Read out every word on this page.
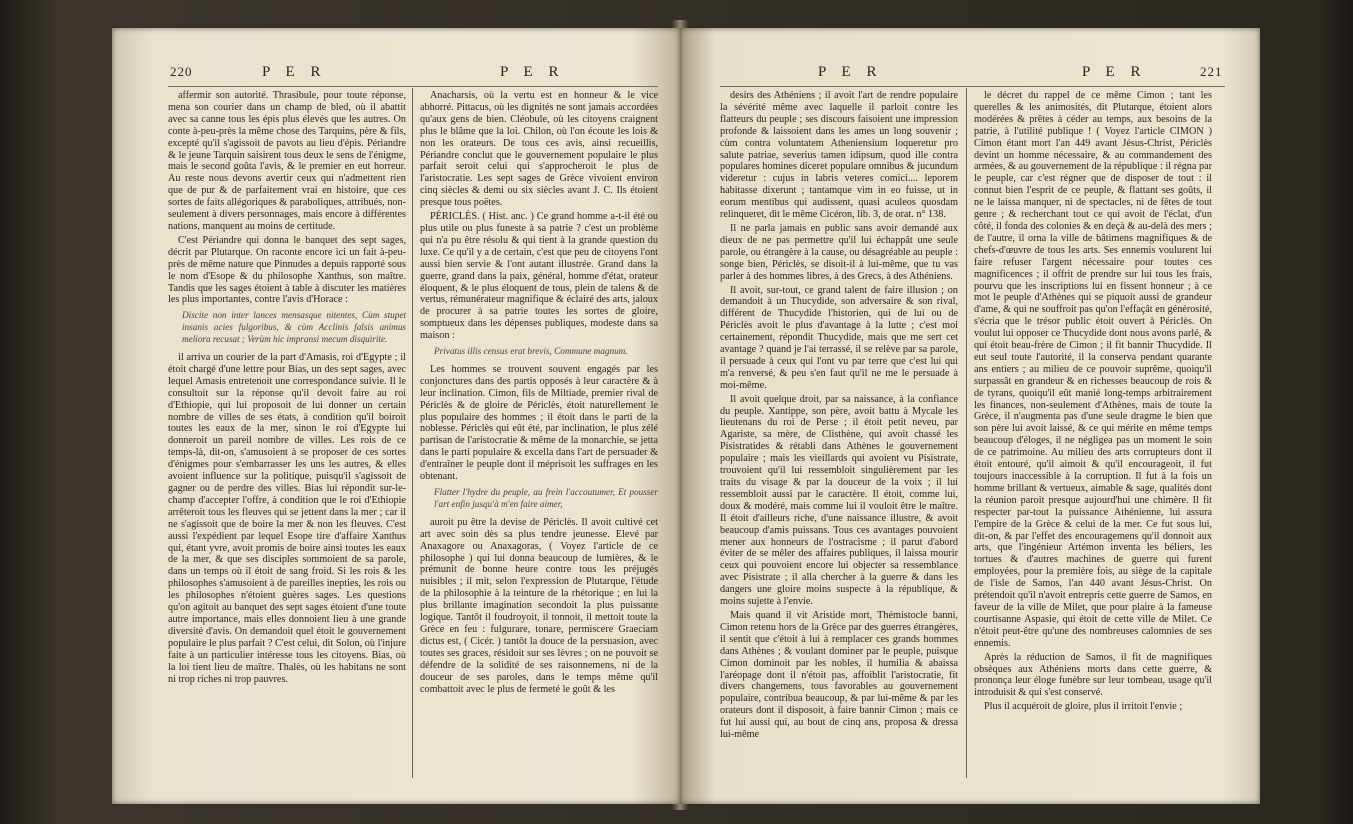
220	P E R	P E R

affermir son autorité. Thrasibule, pour toute réponse, mena son courier dans un champ de bled, où il abattit avec sa canne tous les épis plus élevés que les autres. On conte à-peu-près la même chose des Tarquins, père & fils, excepté qu'il s'agissoit de pavots au lieu d'épis. Périandre & le jeune Tarquin saisirent tous deux le sens de l'énigme, mais le second goûta l'avis, & le premier en eut horreur. Au reste nous devons avertir ceux qui n'admettent rien que de pur & de parfaitement vrai en histoire, que ces sortes de faits allégoriques & paraboliques, attribués, non-seulement à divers personnages, mais encore à différentes nations, manquent au moins de certitude.

C'est Périandre qui donna le banquet des sept sages, décrit par Plutarque. On raconte encore ici un fait à-peu-près de même nature que Pinnudes a depuis rapporté sous le nom d'Esope & du philosophe Xanthus, son maître. Tandis que les sages étoient à table à discuter les matières les plus importantes, contre l'avis d'Horace :

Discite non inter lances mensasque nitentes, Cùm stupet insanis acies fulgoribus, & cùm Acclinis falsis animus meliora recusat ; Verùm hic impransi mecum disquirite.

il arriva un courier de la part d'Amasis, roi d'Egypte ; il étoit chargé d'une lettre pour Bias, un des sept sages, avec lequel Amasis entretenoit une correspondance suivie. Il le consultoit sur la réponse qu'il devoit faire au roi d'Ethiopie, qui lui proposoit de lui donner un certain nombre de villes de ses états, à condition qu'il boiroit toutes les eaux de la mer, sinon le roi d'Egypte lui donneroit un pareil nombre de villes. Les rois de ce temps-là, dit-on, s'amusoient à se proposer de ces sortes d'énigmes pour s'embarrasser les uns les autres, & elles avoient influence sur la politique, puisqu'il s'agissoit de gagner ou de perdre des villes. Bias lui répondit sur-le-champ d'accepter l'offre, à condition que le roi d'Ethiopie arrêteroit tous les fleuves qui se jettent dans la mer ; car il ne s'agissoit que de boire la mer & non les fleuves. C'est aussi l'expédient par lequel Esope tire d'affaire Xanthus qui, étant yvre, avoit promis de boire ainsi toutes les eaux de la mer, & que ses disciples sommoient de sa parole, dans un temps où il étoit de sang froid. Si les rois & les philosophes s'amusoient à de pareilles inepties, les rois ou les philosophes n'étoient guères sages. Les questions qu'on agitoit au banquet des sept sages étoient d'une toute autre importance, mais elles donnoient lieu à une grande diversité d'avis. On demandoit quel étoit le gouvernement populaire le plus parfait ? C'est celui, dit Solon, où l'injure faite à un particulier intéresse tous les citoyens. Bias, où la loi tient lieu de maître. Thalès, où les habitans ne sont ni trop riches ni trop pauvres.

Anacharsis, où la vertu est en honneur & le vice abhorré. Pittacus, où les dignités ne sont jamais accordées qu'aux gens de bien. Cléobule, où les citoyens craignent plus le blâme que la loi. Chilon, où l'on écoute les lois & non les orateurs. De tous ces avis, ainsi recueillis, Périandre conclut que le gouvernement populaire le plus parfait seroit celui qui s'approcheroit le plus de l'aristocratie. Les sept sages de Grèce vivoient environ cinq siècles & demi ou six siècles avant J. C. Ils étoient presque tous poëtes.

PÉRICLÈS. ( Hist. anc. ) Ce grand homme a-t-il été ou plus utile ou plus funeste à sa patrie ? c'est un problème qui n'a pu être résolu & qui tient à la grande question du luxe. Ce qu'il y a de certain, c'est que peu de citoyens l'ont aussi bien servie & l'ont autant illustrée. Grand dans la guerre, grand dans la paix, général, homme d'état, orateur éloquent, & le plus éloquent de tous, plein de talens & de vertus, rémunérateur magnifique & éclairé des arts, jaloux de procurer à sa patrie toutes les sortes de gloire, somptueux dans les dépenses publiques, modeste dans sa maison :

Privatus illis census erat brevis, Commune magnum.

Les hommes se trouvent souvent engagés par les conjonctures dans des partis opposés à leur caractère & à leur inclination. Cimon, fils de Miltiade, premier rival de Périclès & de gloire de Périclès, étoit naturellement le plus populaire des hommes ; il étoit dans le parti de la noblesse. Périclès qui eût été, par inclination, le plus zélé partisan de l'aristocratie & même de la monarchie, se jetta dans le parti populaire & excella dans l'art de persuader & d'entraîner le peuple dont il méprisoit les suffrages en les obtenant.

Flatter l'hydre du peuple, au frein l'accoutumer, Et pousser l'art enfin jusqu'à m'en faire aimer,

auroit pu être la devise de Périclès. Il avoit cultivé cet art avec soin dès sa plus tendre jeunesse. Elevé par Anaxagore ou Anaxagoras, ( Voyez l'article de ce philosophe ) qui lui donna beaucoup de lumières, & le prémunit de bonne heure contre tous les préjugés nuisibles ; il mit, selon l'expression de Plutarque, l'étude de la philosophie à la teinture de la rhétorique ; en lui la plus brillante imagination secondoit la plus puissante logique. Tantôt il foudroyoit, il tonnoit, il mettoit toute la Grèce en feu : fulgurare, tonare, permiscere Graeciam dictus est, ( Cicér. ) tantôt la douce de la persuasion, avec toutes ses graces, résidoit sur ses lèvres ; on ne pouvoit se défendre de la solidité de ses raisonnemens, ni de la douceur de ses paroles, dans le temps même qu'il combattoit avec le plus de fermeté le goût & les

P E R	P E R	221

desirs des Athéniens ; il avoit l'art de rendre populaire la sévérité même avec laquelle il parloit contre les flatteurs du peuple ; ses discours faisoient une impression profonde & laissoient dans les ames un long souvenir ; cùm contra voluntatem Atheniensium loqueretur pro salute patriae, severius tamen idipsum, quod ille contra populares homines diceret populare omnibus & jucundum videretur : cujus in labris veteres comici.... leporem habitasse dixerunt ; tantamque vim in eo fuisse, ut in eorum mentibus qui audissent, quasi aculeos quosdam relinqueret, dit le même Cicéron, lib. 3, de orat. n° 138.

Il ne parla jamais en public sans avoir demandé aux dieux de ne pas permettre qu'il lui échappât une seule parole, ou étrangère à la cause, ou désagréable au peuple : songe bien, Périclès, se disoit-il à lui-même, que tu vas parler à des hommes libres, à des Grecs, à des Athéniens.

Il avoit, sur-tout, ce grand talent de faire illusion ; on demandoit à un Thucydide, son adversaire & son rival, différent de Thucydide l'historien, qui de lui ou de Périclès avoit le plus d'avantage à la lutte ; c'est moi certainement, répondit Thucydide, mais que me sert cet avantage ? quand je l'ai terrassé, il se relève par sa parole, il persuade à ceux qui l'ont vu par terre que c'est lui qui m'a renversé, & peu s'en faut qu'il ne me le persuade à moi-même.

Il avoit quelque droit, par sa naissance, à la confiance du peuple. Xantippe, son père, avoit battu à Mycale les lieutenans du roi de Perse ; il étoit petit neveu, par Agariste, sa mère, de Clisthène, qui avoit chassé les Pisistratides & rétabli dans Athènes le gouvernement populaire ; mais les vieillards qui avoient vu Pisistrate, trouvoient qu'il lui ressembloit singulièrement par les traits du visage & par la douceur de la voix ; il lui ressembloit aussi par le caractère. Il étoit, comme lui, doux & modéré, mais comme lui il vouloit être le maître. Il étoit d'ailleurs riche, d'une naissance illustre, & avoit beaucoup d'amis puissans. Tous ces avantages pouvoient mener aux honneurs de l'ostracisme ; il parut d'abord éviter de se mêler des affaires publiques, il laissa mourir ceux qui pouvoient encore lui objecter sa ressemblance avec Pisistrate ; il alla chercher à la guerre & dans les dangers une gloire moins suspecte à la république, & moins sujette à l'envie.

Mais quand il vit Aristide mort, Thémistocle banni, Cimon retenu hors de la Grèce par des guerres étrangères, il sentit que c'étoit à lui à remplacer ces grands hommes dans Athènes ; & voulant dominer par le peuple, puisque Cimon dominoit par les nobles, il humilia & abaissa l'aréopage dont il n'étoit pas, affoiblit l'aristocratie, fit divers changemens, tous favorables au gouvernement populaire, contribua beaucoup, & par lui-même & par les orateurs dont il disposoit, à faire bannir Cimon ; mais ce fut lui aussi qui, au bout de cinq ans, proposa & dressa lui-même

le décret du rappel de ce même Cimon ; tant les querelles & les animosités, dit Plutarque, étoient alors modérées & prêtes à céder au temps, aux besoins de la patrie, à l'utilité publique ! ( Voyez l'article CIMON ) Cimon étant mort l'an 449 avant Jésus-Christ, Périclès devint un homme nécessaire, & au commandement des armées, & au gouvernement de la république : il régna par le peuple, car c'est régner que de disposer de tout : il connut bien l'esprit de ce peuple, & flattant ses goûts, il ne le laissa manquer, ni de spectacles, ni de fêtes de tout genre ; & recherchant tout ce qui avoit de l'éclat, d'un côté, il fonda des colonies & en deçà & au-delà des mers ; de l'autre, il orna la ville de bâtimens magnifiques & de chefs-d'œuvre de tous les arts. Ses ennemis voulurent lui faire refuser l'argent nécessaire pour toutes ces magnificences ; il offrit de prendre sur lui tous les frais, pourvu que les inscriptions lui en fissent honneur ; à ce mot le peuple d'Athènes qui se piquoit aussi de grandeur d'ame, & qui ne souffroit pas qu'on l'effaçât en générosité, s'écria que le trésor public étoit ouvert à Périclès. On voulut lui opposer ce Thucydide dont nous avons parlé, & qui étoit beau-frère de Cimon ; il fit bannir Thucydide. Il eut seul toute l'autorité, il la conserva pendant quarante ans entiers ; au milieu de ce pouvoir suprême, quoiqu'il surpassât en grandeur & en richesses beaucoup de rois & de tyrans, quoiqu'il eût manié long-temps arbitrairement les finances, non-seulement d'Athènes, mais de toute la Grèce, il n'augmenta pas d'une seule dragme le bien que son père lui avoit laissé, & ce qui mérite en même temps beaucoup d'éloges, il ne négligea pas un moment le soin de ce patrimoine. Au milieu des arts corrupteurs dont il étoit entouré, qu'il aimoit & qu'il encourageoit, il fut toujours inaccessible à la corruption. Il fut à la fois un homme brillant & vertueux, aimable & sage, qualités dont la réunion paroit presque aujourd'hui une chimère. Il fit respecter par-tout la puissance Athénienne, lui assura l'empire de la Grèce & celui de la mer. Ce fut sous lui, dit-on, & par l'effet des encouragemens qu'il donnoit aux arts, que l'ingénieur Artémon inventa les béliers, les tortues & d'autres machines de guerre qui furent employées, pour la première fois, au siège de la capitale de l'isle de Samos, l'an 440 avant Jésus-Christ. On prétendoit qu'il n'avoit entrepris cette guerre de Samos, en faveur de la ville de Milet, que pour plaire à la fameuse courtisanne Aspasie, qui étoit de cette ville de Milet. Ce n'étoit peut-être qu'une des nombreuses calomnies de ses ennemis.

Après la réduction de Samos, il fit de magnifiques obsèques aux Athéniens morts dans cette guerre, & prononça leur éloge funèbre sur leur tombeau, usage qu'il introduisit & qui s'est conservé.

Plus il acquéroit de gloire, plus il irritoit l'envie ;
